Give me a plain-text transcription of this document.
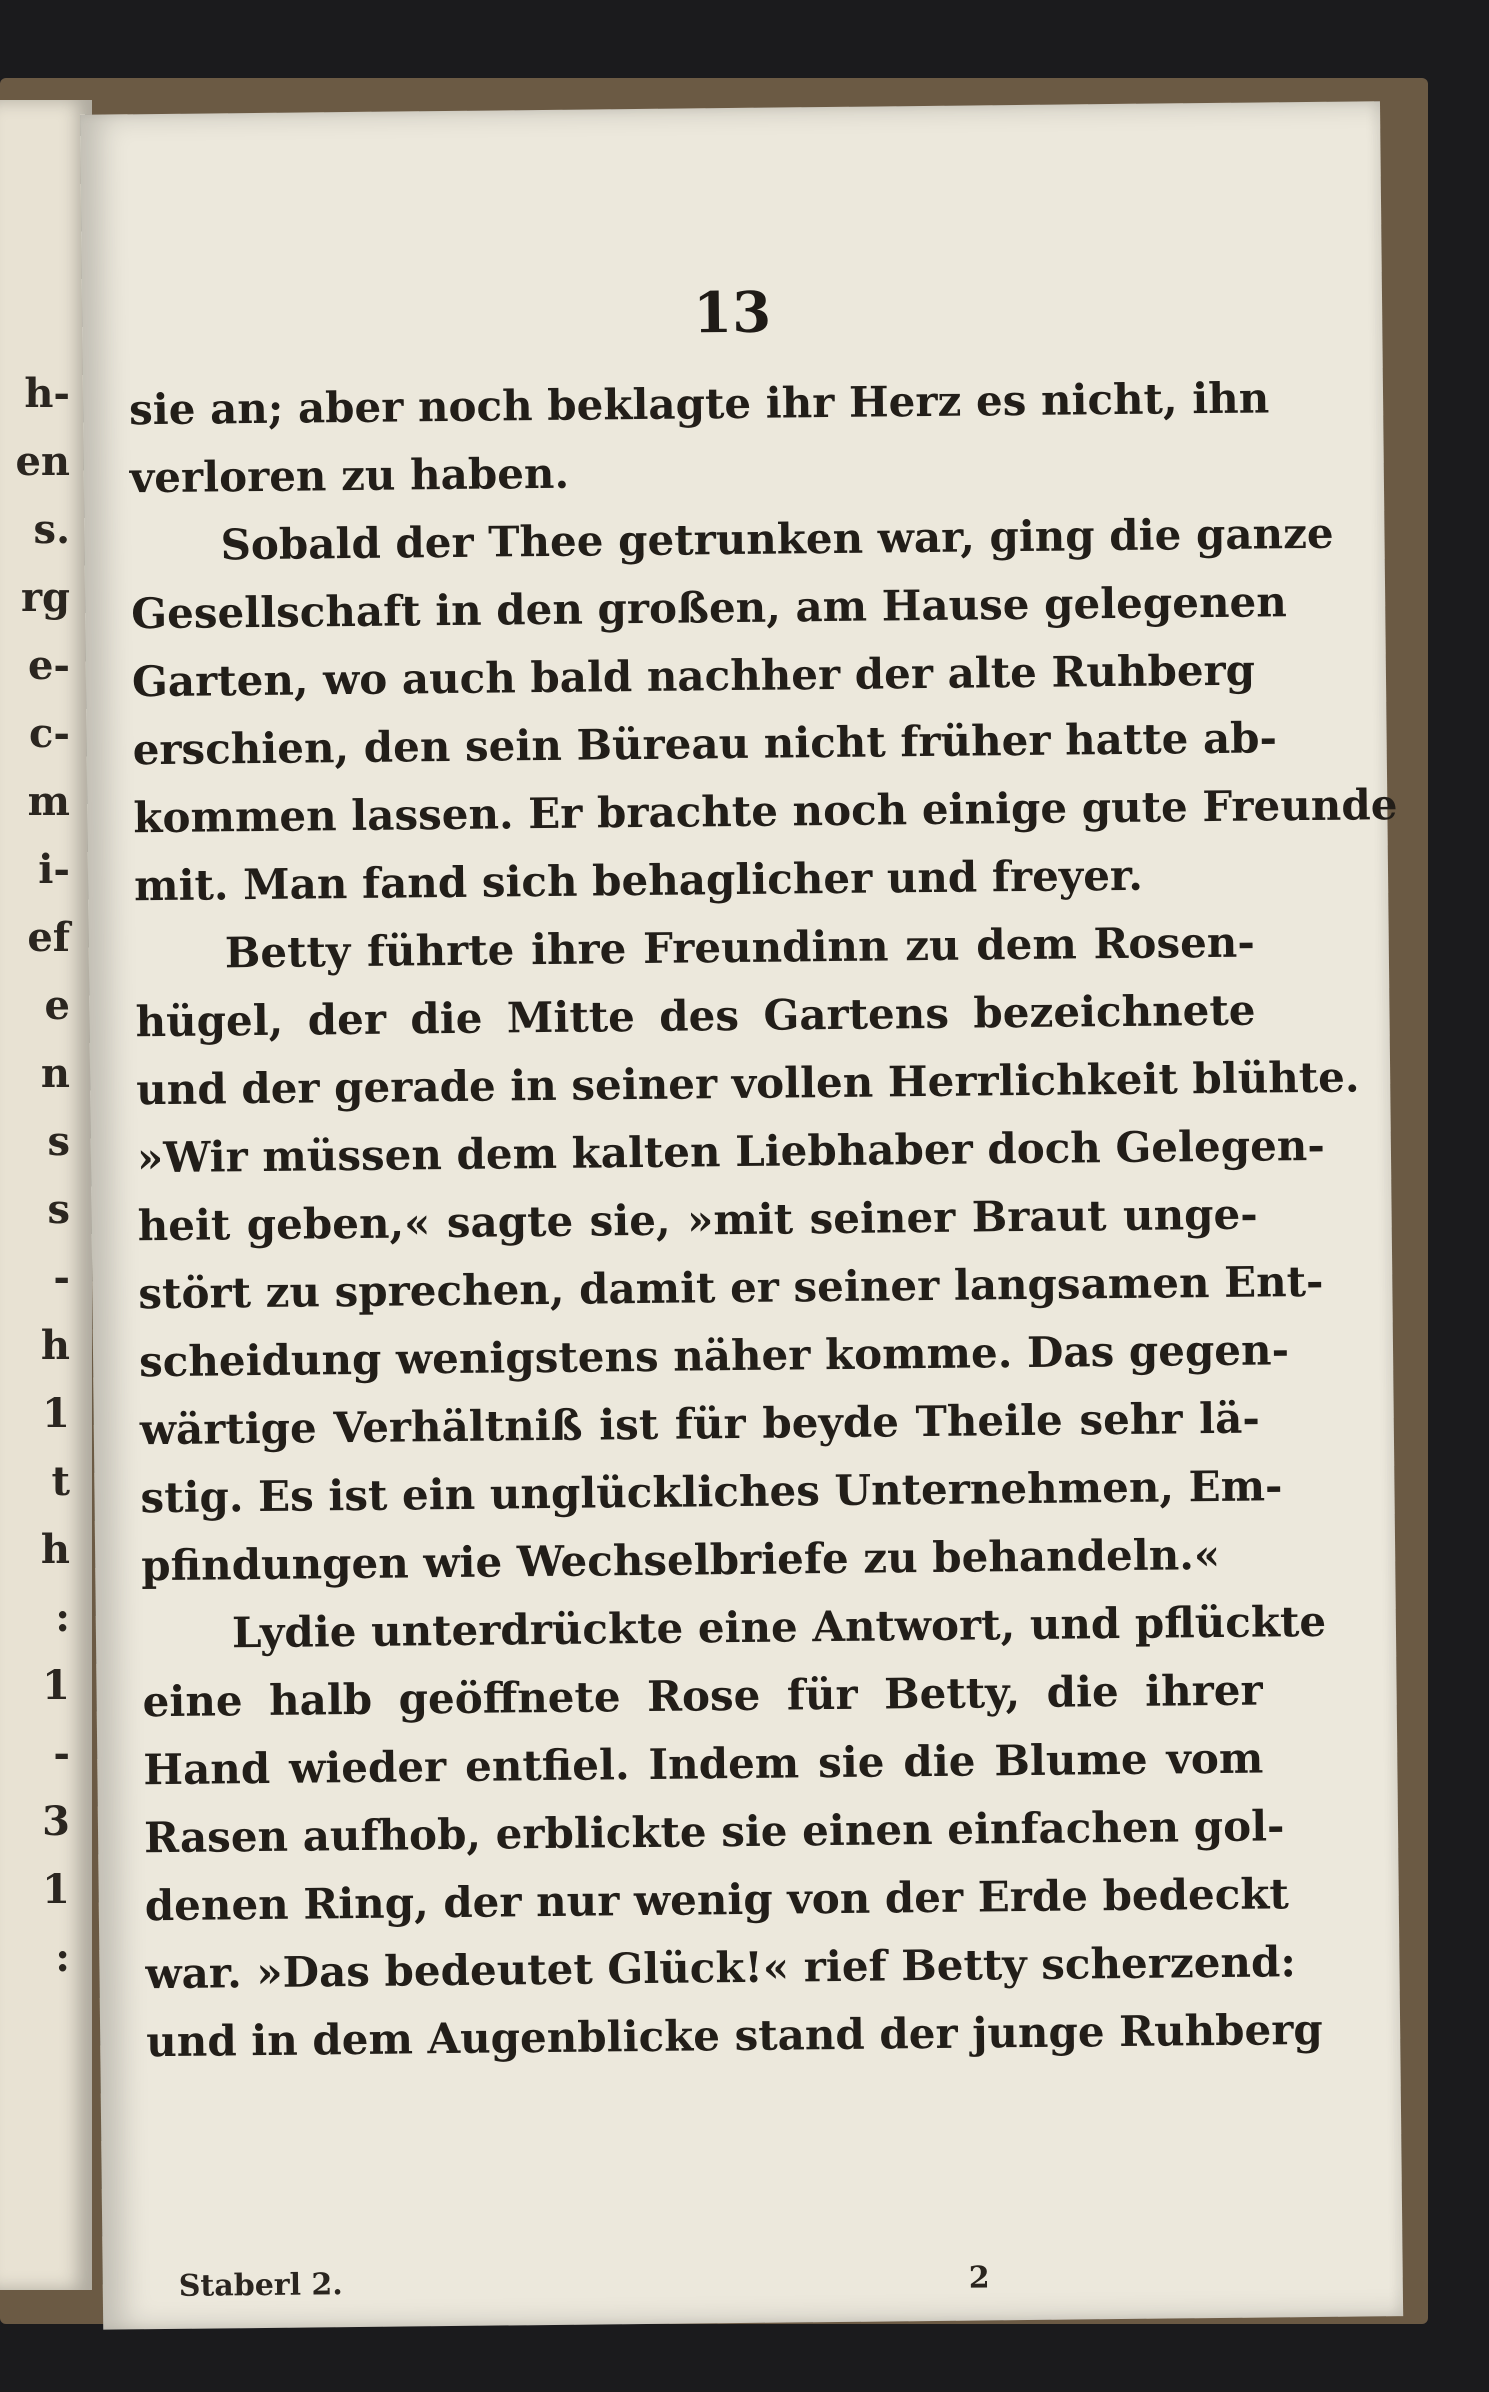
h-
en
s.
rg
e-
c-
m
i-
ef
e
n
s
s
-
h
1
t
h
:
1
-
3
1
:
13
sie an; aber noch beklagte ihr Herz es nicht, ihn
verloren zu haben.
Sobald der Thee getrunken war, ging die ganze
Gesellschaft in den großen, am Hause gelegenen
Garten, wo auch bald nachher der alte Ruhberg
erschien, den sein Büreau nicht früher hatte ab-
kommen lassen. Er brachte noch einige gute Freunde
mit. Man fand sich behaglicher und freyer.
Betty führte ihre Freundinn zu dem Rosen-
hügel, der die Mitte des Gartens bezeichnete
und der gerade in seiner vollen Herrlichkeit blühte.
»Wir müssen dem kalten Liebhaber doch Gelegen-
heit geben,« sagte sie, »mit seiner Braut unge-
stört zu sprechen, damit er seiner langsamen Ent-
scheidung wenigstens näher komme. Das gegen-
wärtige Verhältniß ist für beyde Theile sehr lä-
stig. Es ist ein unglückliches Unternehmen, Em-
pfindungen wie Wechselbriefe zu behandeln.«
Lydie unterdrückte eine Antwort, und pflückte
eine halb geöffnete Rose für Betty, die ihrer
Hand wieder entfiel. Indem sie die Blume vom
Rasen aufhob, erblickte sie einen einfachen gol-
denen Ring, der nur wenig von der Erde bedeckt
war. »Das bedeutet Glück!« rief Betty scherzend:
und in dem Augenblicke stand der junge Ruhberg
Staberl 2.	2
